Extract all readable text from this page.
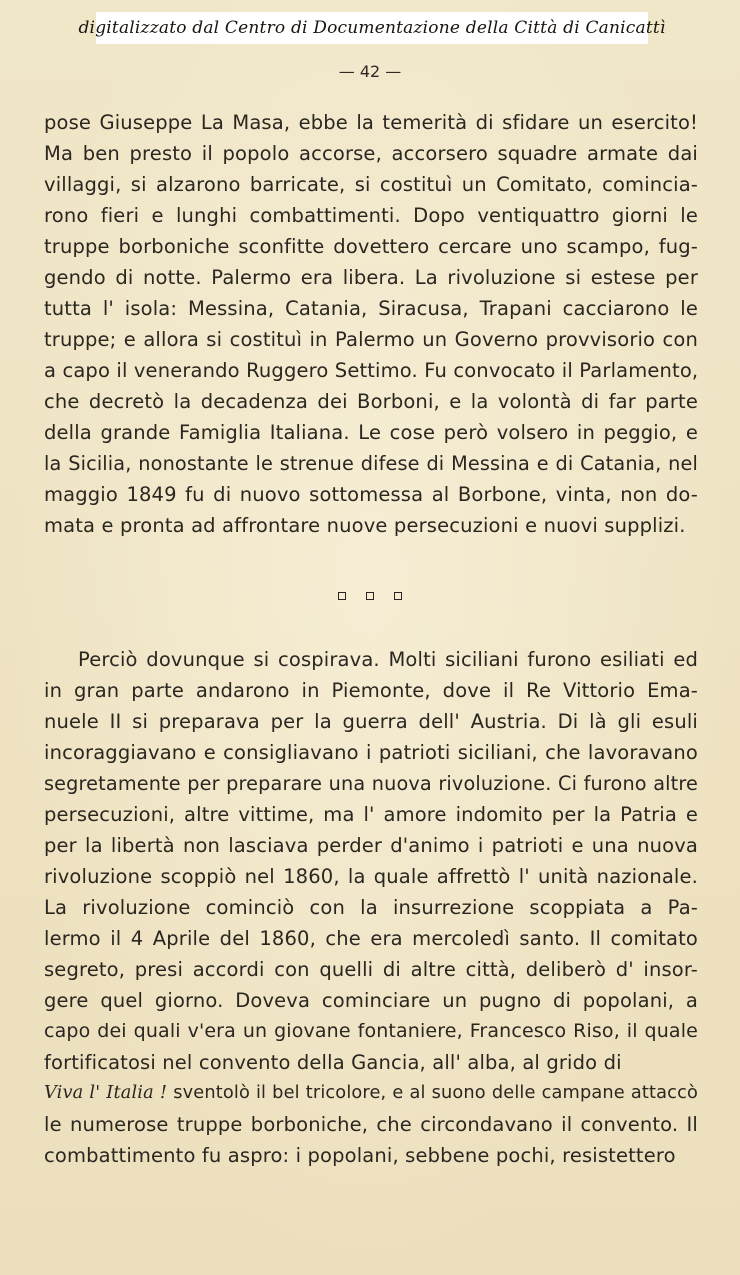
digitalizzato dal Centro di Documentazione della Città di Canicattì
— 42 —
pose Giuseppe La Masa, ebbe la temerità di sfidare un esercito!
Ma ben presto il popolo accorse, accorsero squadre armate dai
villaggi, si alzarono barricate, si costituì un Comitato, comincia-
rono fieri e lunghi combattimenti. Dopo ventiquattro giorni le
truppe borboniche sconfitte dovettero cercare uno scampo, fug-
gendo di notte. Palermo era libera. La rivoluzione si estese per
tutta l' isola: Messina, Catania, Siracusa, Trapani cacciarono le
truppe; e allora si costituì in Palermo un Governo provvisorio con
a capo il venerando Ruggero Settimo. Fu convocato il Parlamento,
che decretò la decadenza dei Borboni, e la volontà di far parte
della grande Famiglia Italiana. Le cose però volsero in peggio, e
la Sicilia, nonostante le strenue difese di Messina e di Catania, nel
maggio 1849 fu di nuovo sottomessa al Borbone, vinta, non do-
mata e pronta ad affrontare nuove persecuzioni e nuovi supplizi.
Perciò dovunque si cospirava. Molti siciliani furono esiliati ed
in gran parte andarono in Piemonte, dove il Re Vittorio Ema-
nuele II si preparava per la guerra dell' Austria. Di là gli esuli
incoraggiavano e consigliavano i patrioti siciliani, che lavoravano
segretamente per preparare una nuova rivoluzione. Ci furono altre
persecuzioni, altre vittime, ma l' amore indomito per la Patria e
per la libertà non lasciava perder d'animo i patrioti e una nuova
rivoluzione scoppiò nel 1860, la quale affrettò l' unità nazionale.
La rivoluzione cominciò con la insurrezione scoppiata a Pa-
lermo il 4 Aprile del 1860, che era mercoledì santo. Il comitato
segreto, presi accordi con quelli di altre città, deliberò d' insor-
gere quel giorno. Doveva cominciare un pugno di popolani, a
capo dei quali v'era un giovane fontaniere, Francesco Riso, il quale
fortificatosi nel convento della Gancia, all' alba, al grido di
Viva l' Italia ! sventolò il bel tricolore, e al suono delle campane attaccò
le numerose truppe borboniche, che circondavano il convento. Il
combattimento fu aspro: i popolani, sebbene pochi, resistettero
